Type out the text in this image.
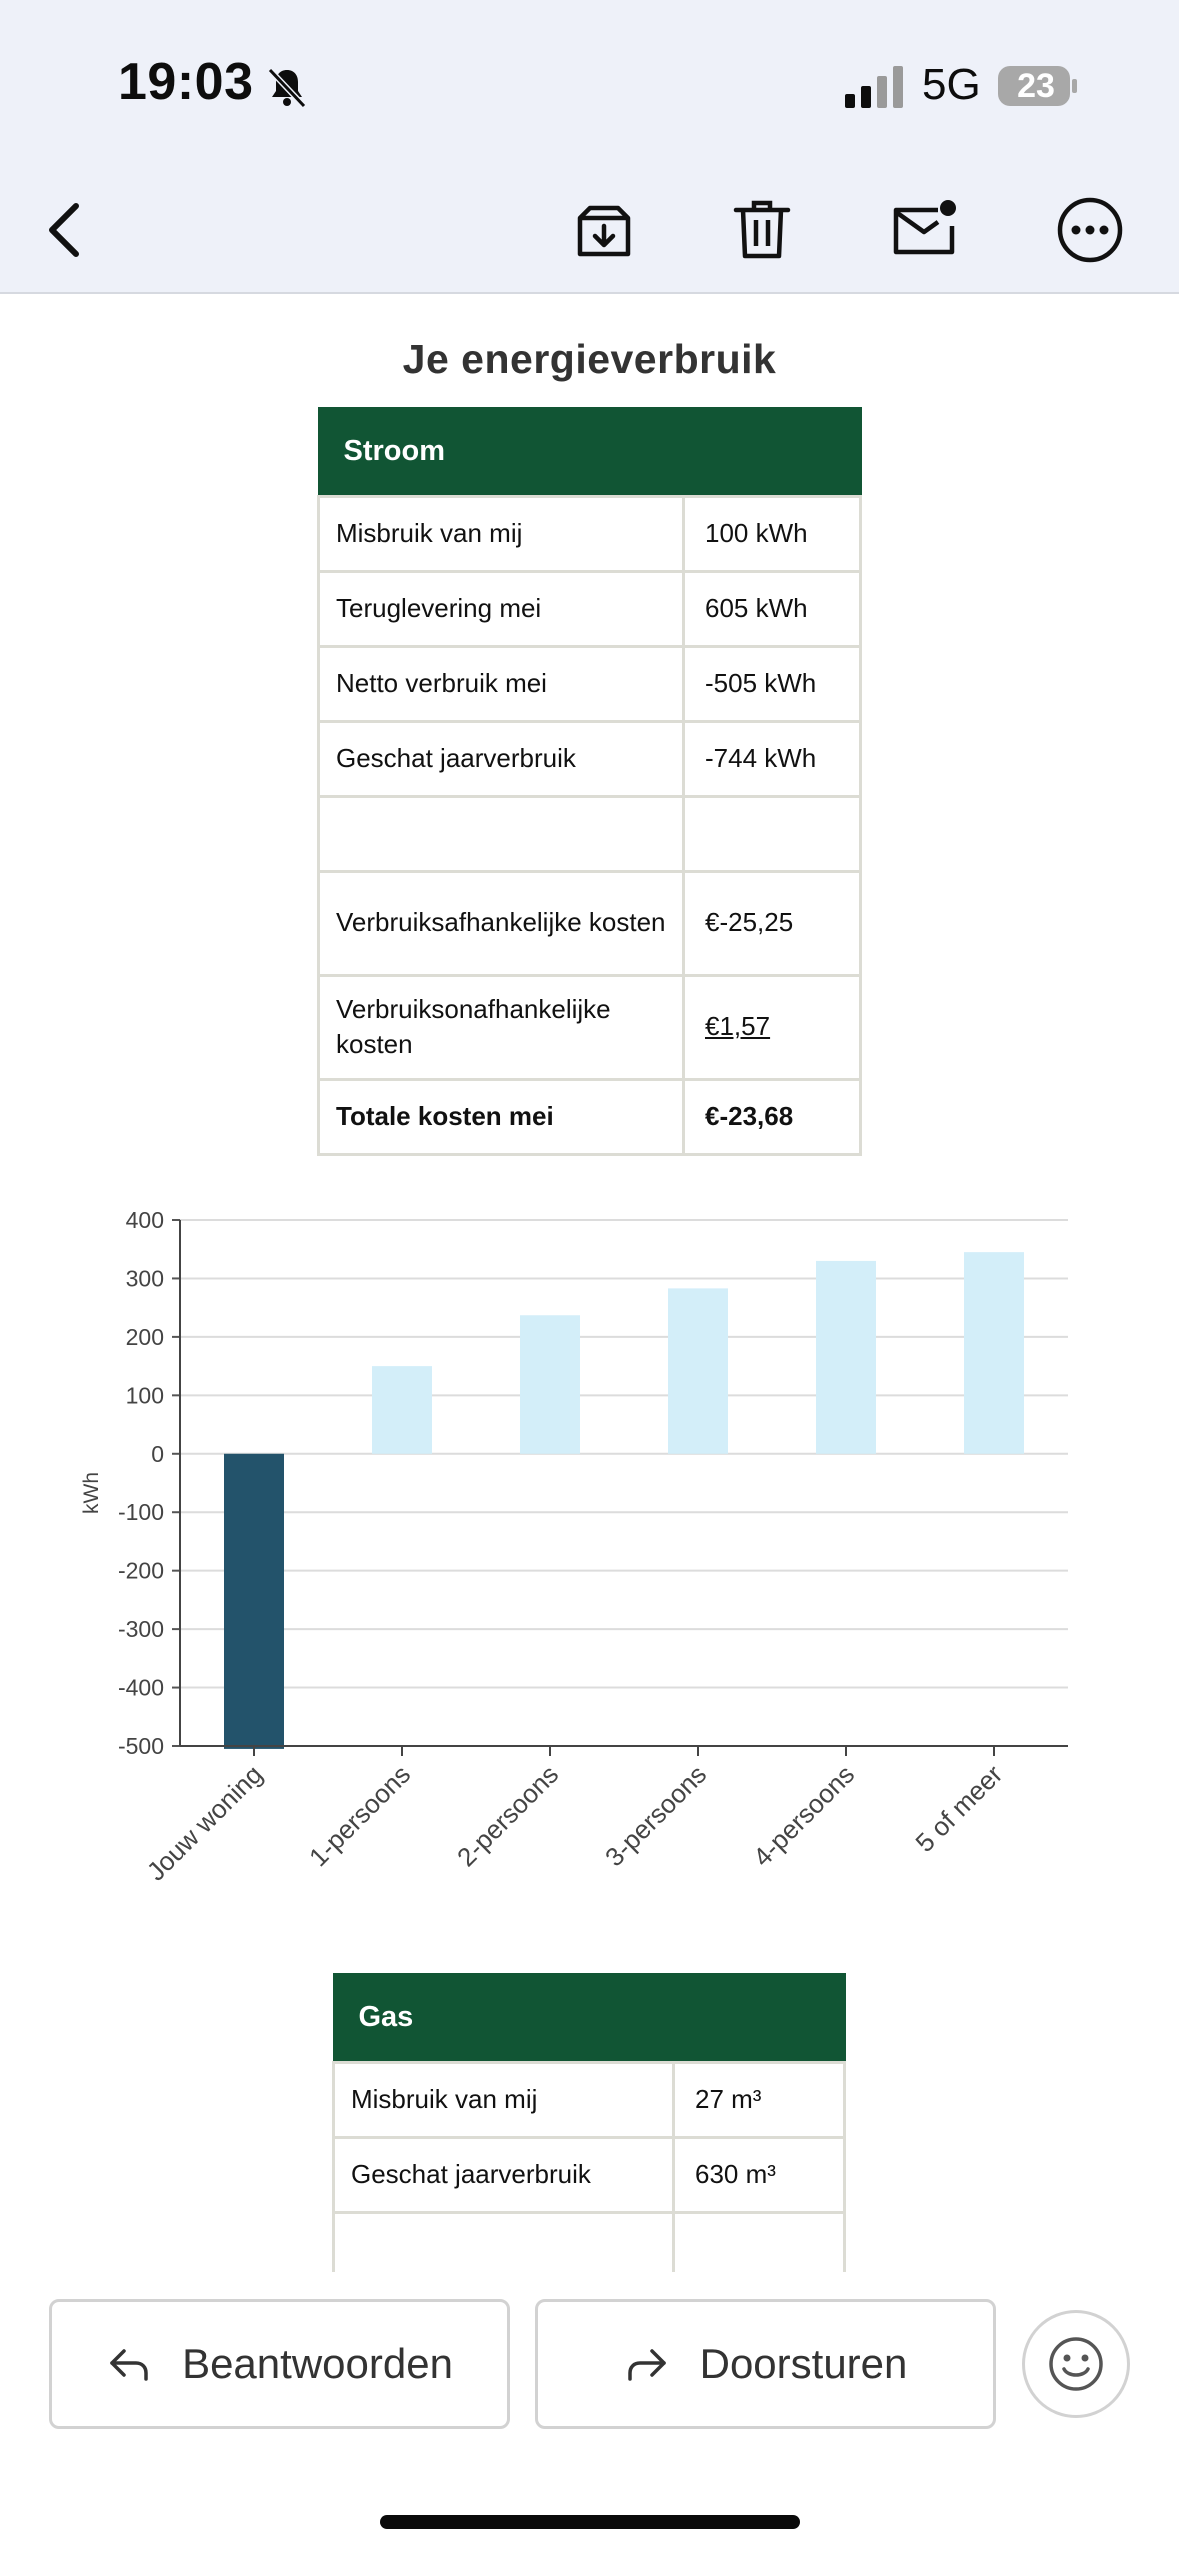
19:03	5G	23
Je energieverbruik
Stroom	
Misbruik van mij	100 kWh
Teruglevering mei	605 kWh
Netto verbruik mei	-505 kWh
Geschat jaarverbruik	-744 kWh

Verbruiksafhankelijke kosten	€-25,25
Verbruiksonafhankelijke kosten	€1,57
Totale kosten mei	€-23,68
400
300
200
100
0
-100
-200
-300
-400
-500
kWh
Jouw woning 1-persoons 2-persoons 3-persoons 4-persoons 5 of meer
Gas	
Misbruik van mij	27 m³
Geschat jaarverbruik	630 m³

Beantwoorden	Doorsturen
